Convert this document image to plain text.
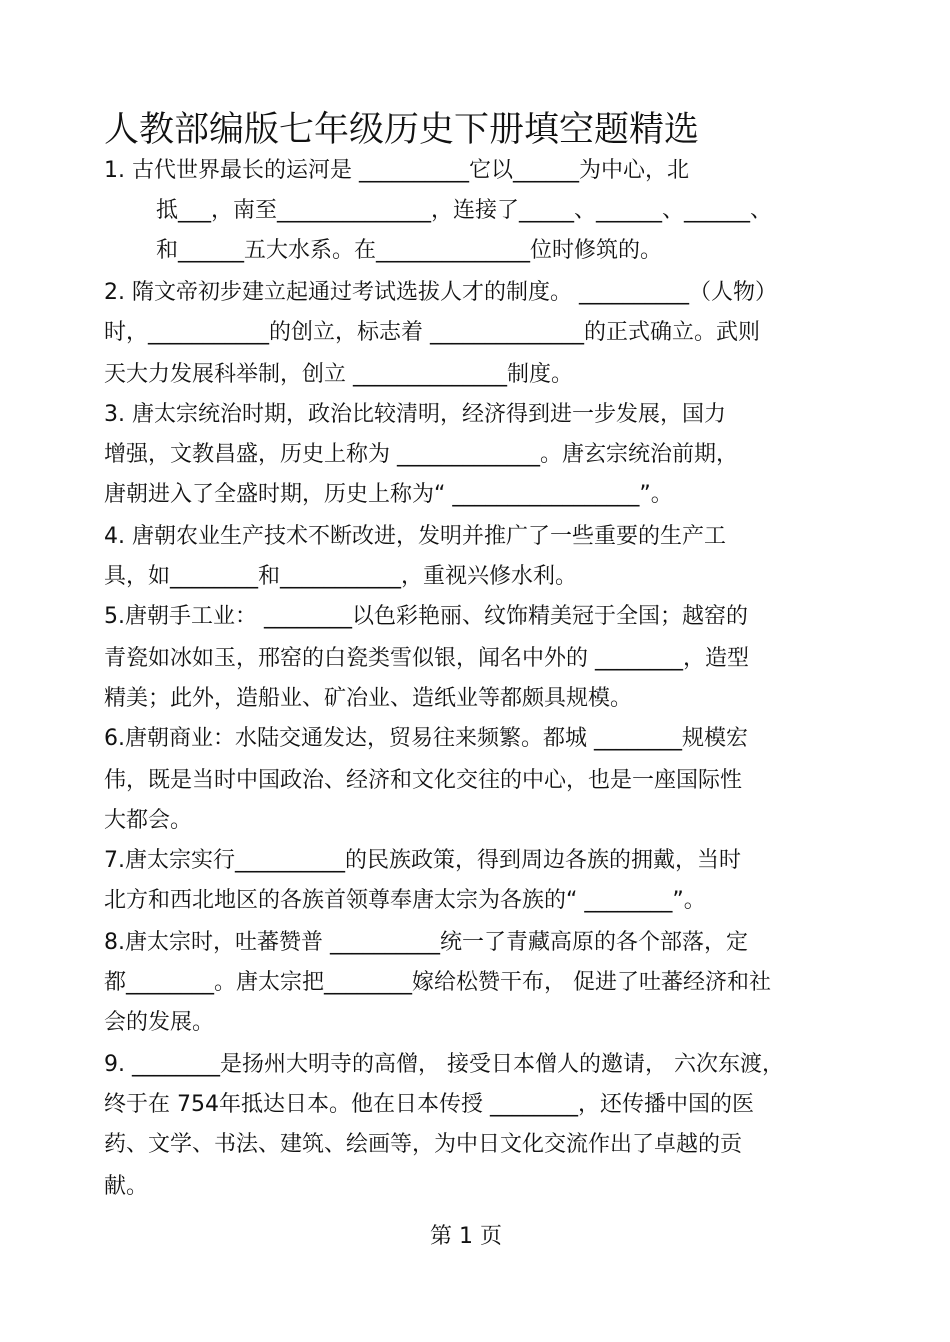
人教部编版七年级历史下册填空题精选
1. 古代世界最长的运河是 __________它以______为中心，北
抵___，南至______________，连接了_____、______、______、
和______五大水系。在______________位时修筑的。
2. 隋文帝初步建立起通过考试选拔人才的制度。 __________（人物）
时，___________的创立，标志着 ______________的正式确立。武则
天大力发展科举制，创立 ______________制度。
3. 唐太宗统治时期，政治比较清明，经济得到进一步发展，国力
增强，文教昌盛，历史上称为 _____________。唐玄宗统治前期，
唐朝进入了全盛时期，历史上称为“ _________________”。
4. 唐朝农业生产技术不断改进，发明并推广了一些重要的生产工
具，如________和___________，重视兴修水利。
5.唐朝手工业： ________以色彩艳丽、纹饰精美冠于全国；越窑的
青瓷如冰如玉，邢窑的白瓷类雪似银，闻名中外的 ________，造型
精美；此外，造船业、矿冶业、造纸业等都颇具规模。
6.唐朝商业：水陆交通发达，贸易往来频繁。都城 ________规模宏
伟，既是当时中国政治、经济和文化交往的中心，也是一座国际性
大都会。
7.唐太宗实行__________的民族政策，得到周边各族的拥戴，当时
北方和西北地区的各族首领尊奉唐太宗为各族的“ ________”。
8.唐太宗时，吐蕃赞普 __________统一了青藏高原的各个部落，定
都________。唐太宗把________嫁给松赞干布， 促进了吐蕃经济和社
会的发展。
9. ________是扬州大明寺的高僧， 接受日本僧人的邀请， 六次东渡，
终于在 754年抵达日本。他在日本传授 ________，还传播中国的医
药、文学、书法、建筑、绘画等，为中日文化交流作出了卓越的贡
献。
第 1 页
